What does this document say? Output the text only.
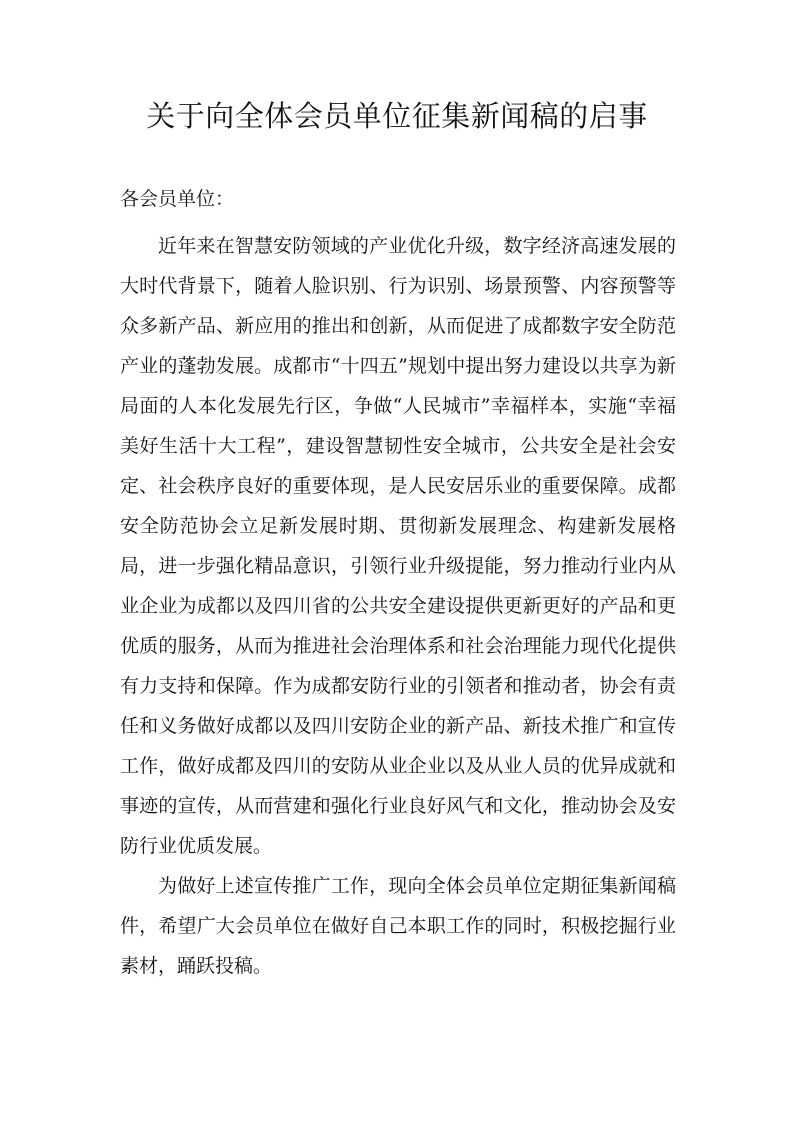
关于向全体会员单位征集新闻稿的启事

各会员单位：

近年来在智慧安防领域的产业优化升级，数字经济高速发展的大时代背景下，随着人脸识别、行为识别、场景预警、内容预警等众多新产品、新应用的推出和创新，从而促进了成都数字安全防范产业的蓬勃发展。成都市“十四五”规划中提出努力建设以共享为新局面的人本化发展先行区，争做“人民城市”幸福样本，实施“幸福美好生活十大工程”，建设智慧韧性安全城市，公共安全是社会安定、社会秩序良好的重要体现，是人民安居乐业的重要保障。成都安全防范协会立足新发展时期、贯彻新发展理念、构建新发展格局，进一步强化精品意识，引领行业升级提能，努力推动行业内从业企业为成都以及四川省的公共安全建设提供更新更好的产品和更优质的服务，从而为推进社会治理体系和社会治理能力现代化提供有力支持和保障。作为成都安防行业的引领者和推动者，协会有责任和义务做好成都以及四川安防企业的新产品、新技术推广和宣传工作，做好成都及四川的安防从业企业以及从业人员的优异成就和事迹的宣传，从而营建和强化行业良好风气和文化，推动协会及安防行业优质发展。

为做好上述宣传推广工作，现向全体会员单位定期征集新闻稿件，希望广大会员单位在做好自己本职工作的同时，积极挖掘行业素材，踊跃投稿。
